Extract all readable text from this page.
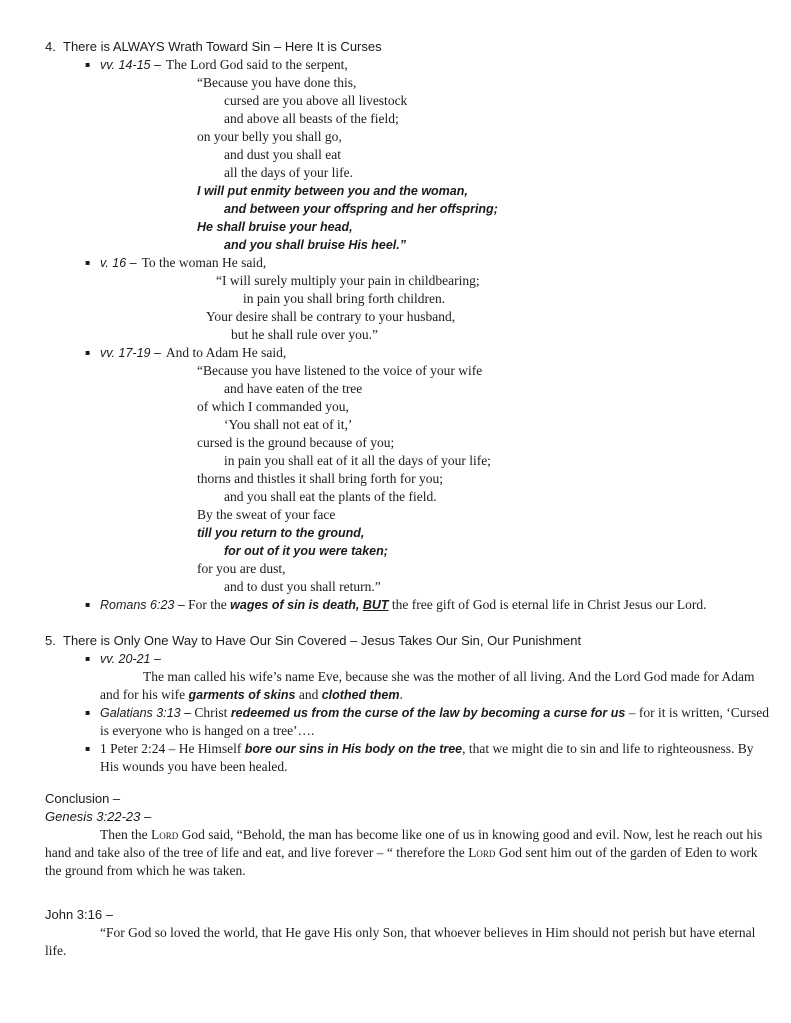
4. There is ALWAYS Wrath Toward Sin – Here It is Curses
▪
vv. 14-15 – The Lord God said to the serpent,
“Because you have done this,
cursed are you above all livestock
and above all beasts of the field;
on your belly you shall go,
and dust you shall eat
all the days of your life.
I will put enmity between you and the woman,
and between your offspring and her offspring;
He shall bruise your head,
and you shall bruise His heel.”
▪
v. 16 – To the woman He said,
“I will surely multiply your pain in childbearing;
in pain you shall bring forth children.
Your desire shall be contrary to your husband,
but he shall rule over you.”
▪
vv. 17-19 – And to Adam He said,
“Because you have listened to the voice of your wife
and have eaten of the tree
of which I commanded you,
‘You shall not eat of it,’
cursed is the ground because of you;
in pain you shall eat of it all the days of your life;
thorns and thistles it shall bring forth for you;
and you shall eat the plants of the field.
By the sweat of your face
till you return to the ground,
for out of it you were taken;
for you are dust,
and to dust you shall return.”
▪
Romans 6:23 – For the wages of sin is death, BUT the free gift of God is eternal life in Christ Jesus our Lord.
5. There is Only One Way to Have Our Sin Covered – Jesus Takes Our Sin, Our Punishment
▪
vv. 20-21 –
The man called his wife’s name Eve, because she was the mother of all living. And the Lord God made for Adam and for his wife garments of skins and clothed them.
▪
Galatians 3:13 – Christ redeemed us from the curse of the law by becoming a curse for us – for it is written, ‘Cursed is everyone who is hanged on a tree’….
▪
1 Peter 2:24 – He Himself bore our sins in His body on the tree, that we might die to sin and life to righteousness. By His wounds you have been healed.
Conclusion –
Genesis 3:22-23 –
Then the Lord God said, “Behold, the man has become like one of us in knowing good and evil. Now, lest he reach out his hand and take also of the tree of life and eat, and live forever – “ therefore the Lord God sent him out of the garden of Eden to work the ground from which he was taken.
John 3:16 –
“For God so loved the world, that He gave His only Son, that whoever believes in Him should not perish but have eternal life.
